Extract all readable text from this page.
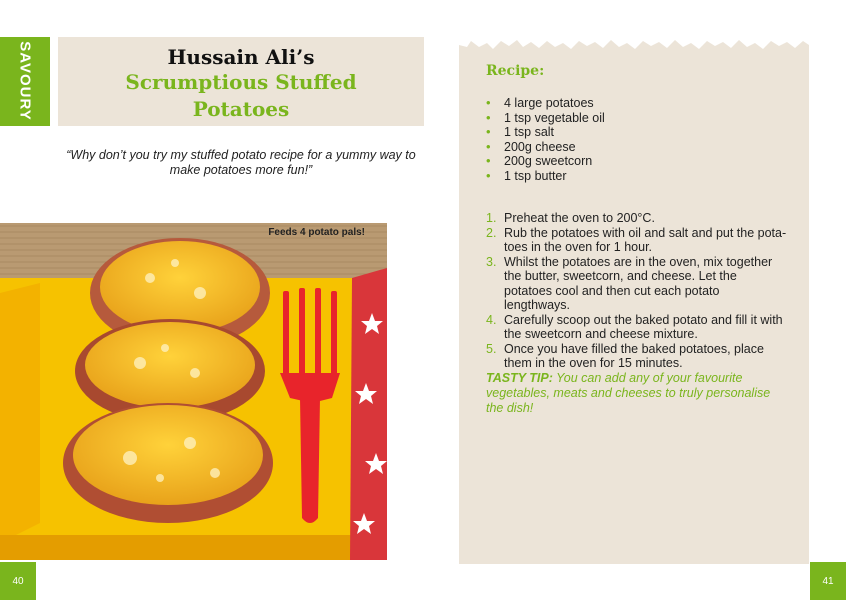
SAVOURY	Hussain Ali’s
Scrumptious Stuffed
Potatoes
“Why don’t you try my stuffed potato recipe for a yummy way to make potatoes more fun!”
Feeds 4 potato pals!
40
Recipe:
• 4 large potatoes
• 1 tsp vegetable oil
• 1 tsp salt
• 200g cheese
• 200g sweetcorn
• 1 tsp butter
1. Preheat the oven to 200°C.
2. Rub the potatoes with oil and salt and put the pota-toes in the oven for 1 hour.
3. Whilst the potatoes are in the oven, mix together the butter, sweetcorn, and cheese. Let the potatoes cool and then cut each potato lengthways.
4. Carefully scoop out the baked potato and fill it with the sweetcorn and cheese mixture.
5. Once you have filled the baked potatoes, place them in the oven for 15 minutes.
TASTY TIP: You can add any of your favourite vegetables, meats and cheeses to truly personalise the dish!
41
